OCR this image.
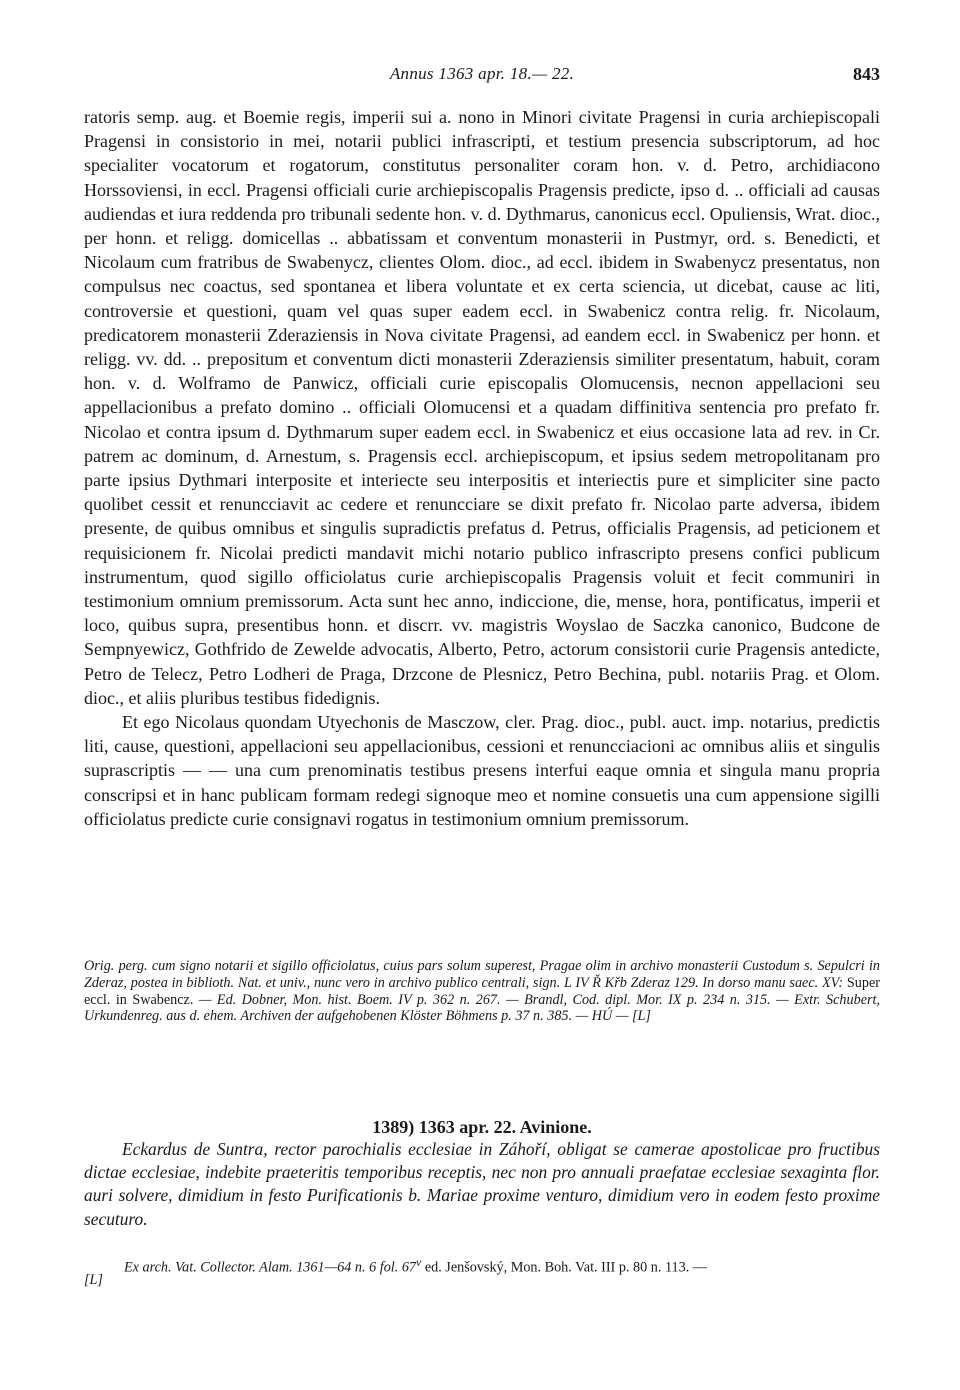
Annus 1363 apr. 18.— 22.	843

ratoris semp. aug. et Boemie regis, imperii sui a. nono in Minori civitate Pragensi in curia archiepiscopali Pragensi in consistorio in mei, notarii publici infrascripti, et testium presencia subscriptorum, ad hoc specialiter vocatorum et rogatorum, constitutus personaliter coram hon. v. d. Petro, archidiacono Horssoviensi, in eccl. Pragensi officiali curie archiepiscopalis Pragensis predicte, ipso d. .. officiali ad causas audiendas et iura reddenda pro tribunali sedente hon. v. d. Dythmarus, canonicus eccl. Opuliensis, Wrat. dioc., per honn. et religg. domicellas .. abbatissam et conventum monasterii in Pustmyr, ord. s. Benedicti, et Nicolaum cum fratribus de Swabenycz, clientes Olom. dioc., ad eccl. ibidem in Swabenycz presentatus, non compulsus nec coactus, sed spontanea et libera voluntate et ex certa sciencia, ut dicebat, cause ac liti, controversie et questioni, quam vel quas super eadem eccl. in Swabenicz contra relig. fr. Nicolaum, predicatorem monasterii Zderaziensis in Nova civitate Pragensi, ad eandem eccl. in Swabenicz per honn. et religg. vv. dd. .. prepositum et conventum dicti monasterii Zderaziensis similiter presentatum, habuit, coram hon. v. d. Wolframo de Panwicz, officiali curie episcopalis Olomucensis, necnon appellacioni seu appellacionibus a prefato domino .. officiali Olomucensi et a quadam diffinitiva sentencia pro prefato fr. Nicolao et contra ipsum d. Dythmarum super eadem eccl. in Swabenicz et eius occasione lata ad rev. in Cr. patrem ac dominum, d. Arnestum, s. Pragensis eccl. archiepiscopum, et ipsius sedem metropolitanam pro parte ipsius Dythmari interposite et interiecte seu interpositis et interiectis pure et simpliciter sine pacto quolibet cessit et renuncciavit ac cedere et renuncciare se dixit prefato fr. Nicolao parte adversa, ibidem presente, de quibus omnibus et singulis supradictis prefatus d. Petrus, officialis Pragensis, ad peticionem et requisicionem fr. Nicolai predicti mandavit michi notario publico infrascripto presens confici publicum instrumentum, quod sigillo officiolatus curie archiepiscopalis Pragensis voluit et fecit communiri in testimonium omnium premissorum. Acta sunt hec anno, indiccione, die, mense, hora, pontificatus, imperii et loco, quibus supra, presentibus honn. et discrr. vv. magistris Woyslao de Saczka canonico, Budcone de Sempnyewicz, Gothfrido de Zewelde advocatis, Alberto, Petro, actorum consistorii curie Pragensis antedicte, Petro de Telecz, Petro Lodheri de Praga, Drzcone de Plesnicz, Petro Bechina, publ. notariis Prag. et Olom. dioc., et aliis pluribus testibus fidedignis.

Et ego Nicolaus quondam Utyechonis de Masczow, cler. Prag. dioc., publ. auct. imp. notarius, predictis liti, cause, questioni, appellacioni seu appellacionibus, cessioni et renuncciacioni ac omnibus aliis et singulis suprascriptis — — una cum prenominatis testibus presens interfui eaque omnia et singula manu propria conscripsi et in hanc publicam formam redegi signoque meo et nomine consuetis una cum appensione sigilli officiolatus predicte curie consignavi rogatus in testimonium omnium premissorum.

Orig. perg. cum signo notarii et sigillo officiolatus, cuius pars solum superest, Pragae olim in archivo monasterii Custodum s. Sepulcri in Zderaz, postea in biblioth. Nat. et univ., nunc vero in archivo publico centrali, sign. L IV Ř Křb Zderaz 129. In dorso manu saec. XV: Super eccl. in Swabencz. — Ed. Dobner, Mon. hist. Boem. IV p. 362 n. 267. — Brandl, Cod. dipl. Mor. IX p. 234 n. 315. — Extr. Schubert, Urkundenreg. aus d. ehem. Archiven der aufgehobenen Klöster Böhmens p. 37 n. 385. — HÚ — [L]
1389) 1363 apr. 22. Avinione.
Eckardus de Suntra, rector parochialis ecclesiae in Záhoří, obligat se camerae apostolicae pro fructibus dictae ecclesiae, indebite praeteritis temporibus receptis, nec non pro annuali praefatae ecclesiae sexaginta flor. auri solvere, dimidium in festo Purificationis b. Mariae proxime venturo, dimidium vero in eodem festo proxime secuturo.
Ex arch. Vat. Collector. Alam. 1361—64 n. 6 fol. 67$^v$ ed. Jenšovský, Mon. Boh. Vat. III p. 80 n. 113. —
[L]
